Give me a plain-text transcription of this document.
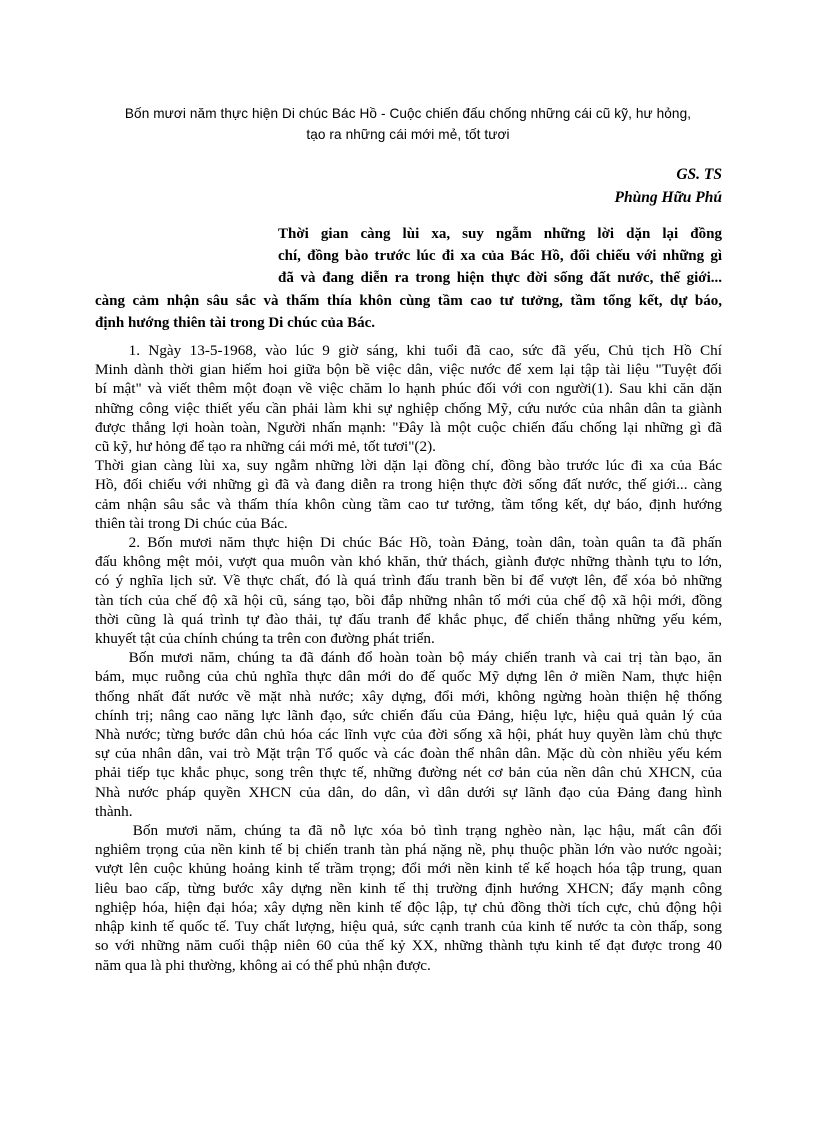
Bốn mươi năm thực hiện Di chúc Bác Hồ - Cuộc chiến đấu chống những cái cũ kỹ, hư hỏng,
tạo ra những cái mới mẻ, tốt tươi
GS. TS
Phùng Hữu Phú
Thời gian càng lùi xa, suy ngẫm những lời dặn lại đồng
chí, đồng bào trước lúc đi xa của Bác Hồ, đối chiếu với những gì
đã và đang diễn ra trong hiện thực đời sống đất nước, thế giới...
càng cảm nhận sâu sắc và thấm thía khôn cùng tầm cao tư tưởng, tầm tổng kết, dự báo,
định hướng thiên tài trong Di chúc của Bác.
1. Ngày 13-5-1968, vào lúc 9 giờ sáng, khi tuổi đã cao, sức đã yếu, Chủ tịch Hồ Chí
Minh dành thời gian hiếm hoi giữa bộn bề việc dân, việc nước để xem lại tập tài liệu "Tuyệt đối
bí mật" và viết thêm một đoạn về việc chăm lo hạnh phúc đối với con người(1). Sau khi căn dặn
những công việc thiết yếu cần phải làm khi sự nghiệp chống Mỹ, cứu nước của nhân dân ta giành
được thắng lợi hoàn toàn, Người nhấn mạnh: "Đây là một cuộc chiến đấu chống lại những gì đã
cũ kỹ, hư hỏng để tạo ra những cái mới mẻ, tốt tươi"(2).
Thời gian càng lùi xa, suy ngẫm những lời dặn lại đồng chí, đồng bào trước lúc đi xa của Bác
Hồ, đối chiếu với những gì đã và đang diễn ra trong hiện thực đời sống đất nước, thế giới... càng
cảm nhận sâu sắc và thấm thía khôn cùng tầm cao tư tưởng, tầm tổng kết, dự báo, định hướng
thiên tài trong Di chúc của Bác.
2. Bốn mươi năm thực hiện Di chúc Bác Hồ, toàn Đảng, toàn dân, toàn quân ta đã phấn
đấu không mệt mỏi, vượt qua muôn vàn khó khăn, thử thách, giành được những thành tựu to lớn,
có ý nghĩa lịch sử. Về thực chất, đó là quá trình đấu tranh bền bỉ để vượt lên, để xóa bỏ những
tàn tích của chế độ xã hội cũ, sáng tạo, bồi đắp những nhân tố mới của chế độ xã hội mới, đồng
thời cũng là quá trình tự đào thải, tự đấu tranh để khắc phục, để chiến thắng những yếu kém,
khuyết tật của chính chúng ta trên con đường phát triển.
Bốn mươi năm, chúng ta đã đánh đổ hoàn toàn bộ máy chiến tranh và cai trị tàn bạo, ăn
bám, mục ruỗng của chủ nghĩa thực dân mới do đế quốc Mỹ dựng lên ở miền Nam, thực hiện
thống nhất đất nước về mặt nhà nước; xây dựng, đổi mới, không ngừng hoàn thiện hệ thống
chính trị; nâng cao năng lực lãnh đạo, sức chiến đấu của Đảng, hiệu lực, hiệu quả quản lý của
Nhà nước; từng bước dân chủ hóa các lĩnh vực của đời sống xã hội, phát huy quyền làm chủ thực
sự của nhân dân, vai trò Mặt trận Tổ quốc và các đoàn thể nhân dân. Mặc dù còn nhiều yếu kém
phải tiếp tục khắc phục, song trên thực tế, những đường nét cơ bản của nền dân chủ XHCN, của
Nhà nước pháp quyền XHCN của dân, do dân, vì dân dưới sự lãnh đạo của Đảng đang hình
thành.
Bốn mươi năm, chúng ta đã nỗ lực xóa bỏ tình trạng nghèo nàn, lạc hậu, mất cân đối
nghiêm trọng của nền kinh tế bị chiến tranh tàn phá nặng nề, phụ thuộc phần lớn vào nước ngoài;
vượt lên cuộc khủng hoảng kinh tế trầm trọng; đổi mới nền kinh tế kế hoạch hóa tập trung, quan
liêu bao cấp, từng bước xây dựng nền kinh tế thị trường định hướng XHCN; đẩy mạnh công
nghiệp hóa, hiện đại hóa; xây dựng nền kinh tế độc lập, tự chủ đồng thời tích cực, chủ động hội
nhập kinh tế quốc tế. Tuy chất lượng, hiệu quả, sức cạnh tranh của kinh tế nước ta còn thấp, song
so với những năm cuối thập niên 60 của thế kỷ XX, những thành tựu kinh tế đạt được trong 40
năm qua là phi thường, không ai có thể phủ nhận được.
